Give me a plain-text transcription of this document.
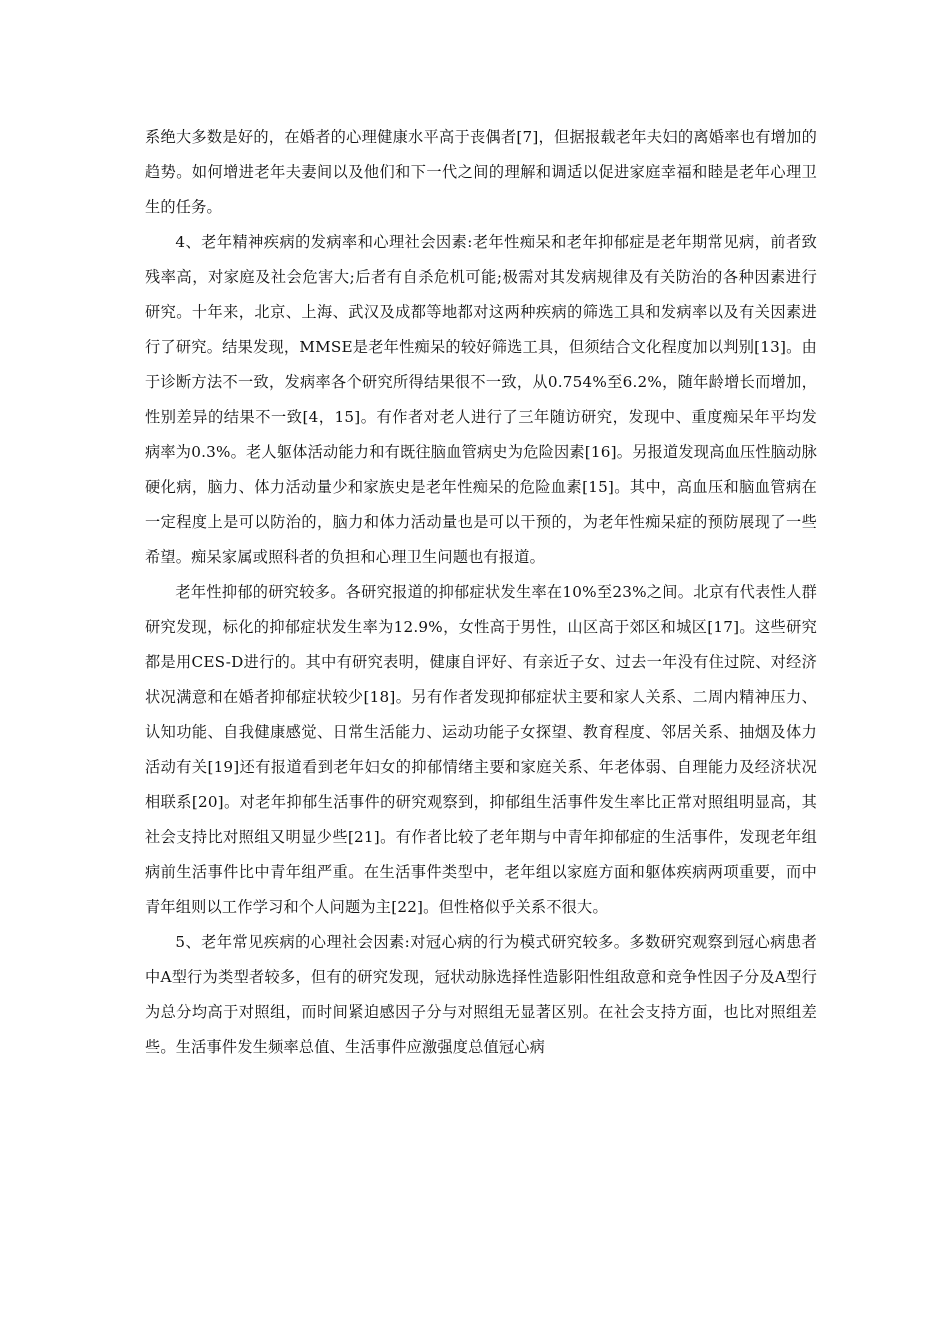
系绝大多数是好的，在婚者的心理健康水平高于丧偶者[7]，但据报载老年夫妇的离婚率也有增加的趋势。如何增进老年夫妻间以及他们和下一代之间的理解和调适以促进家庭幸福和睦是老年心理卫生的任务。

4、老年精神疾病的发病率和心理社会因素:老年性痴呆和老年抑郁症是老年期常见病，前者致残率高，对家庭及社会危害大;后者有自杀危机可能;极需对其发病规律及有关防治的各种因素进行研究。十年来，北京、上海、武汉及成都等地都对这两种疾病的筛选工具和发病率以及有关因素进行了研究。结果发现，MMSE是老年性痴呆的较好筛选工具，但须结合文化程度加以判别[13]。由于诊断方法不一致，发病率各个研究所得结果很不一致，从0.754%至6.2%，随年龄增长而增加，性别差异的结果不一致[4，15]。有作者对老人进行了三年随访研究，发现中、重度痴呆年平均发病率为0.3%。老人躯体活动能力和有既往脑血管病史为危险因素[16]。另报道发现高血压性脑动脉硬化病，脑力、体力活动量少和家族史是老年性痴呆的危险血素[15]。其中，高血压和脑血管病在一定程度上是可以防治的，脑力和体力活动量也是可以干预的，为老年性痴呆症的预防展现了一些希望。痴呆家属或照科者的负担和心理卫生问题也有报道。

老年性抑郁的研究较多。各研究报道的抑郁症状发生率在10%至23%之间。北京有代表性人群研究发现，标化的抑郁症状发生率为12.9%，女性高于男性，山区高于郊区和城区[17]。这些研究都是用CES-D进行的。其中有研究表明，健康自评好、有亲近子女、过去一年没有住过院、对经济状况满意和在婚者抑郁症状较少[18]。另有作者发现抑郁症状主要和家人关系、二周内精神压力、认知功能、自我健康感觉、日常生活能力、运动功能子女探望、教育程度、邻居关系、抽烟及体力活动有关[19]还有报道看到老年妇女的抑郁情绪主要和家庭关系、年老体弱、自理能力及经济状况相联系[20]。对老年抑郁生活事件的研究观察到，抑郁组生活事件发生率比正常对照组明显高，其社会支持比对照组又明显少些[21]。有作者比较了老年期与中青年抑郁症的生活事件，发现老年组病前生活事件比中青年组严重。在生活事件类型中，老年组以家庭方面和躯体疾病两项重要，而中青年组则以工作学习和个人问题为主[22]。但性格似乎关系不很大。

5、老年常见疾病的心理社会因素:对冠心病的行为模式研究较多。多数研究观察到冠心病患者中A型行为类型者较多，但有的研究发现，冠状动脉选择性造影阳性组敌意和竞争性因子分及A型行为总分均高于对照组，而时间紧迫感因子分与对照组无显著区别。在社会支持方面，也比对照组差些。生活事件发生频率总值、生活事件应激强度总值冠心病
